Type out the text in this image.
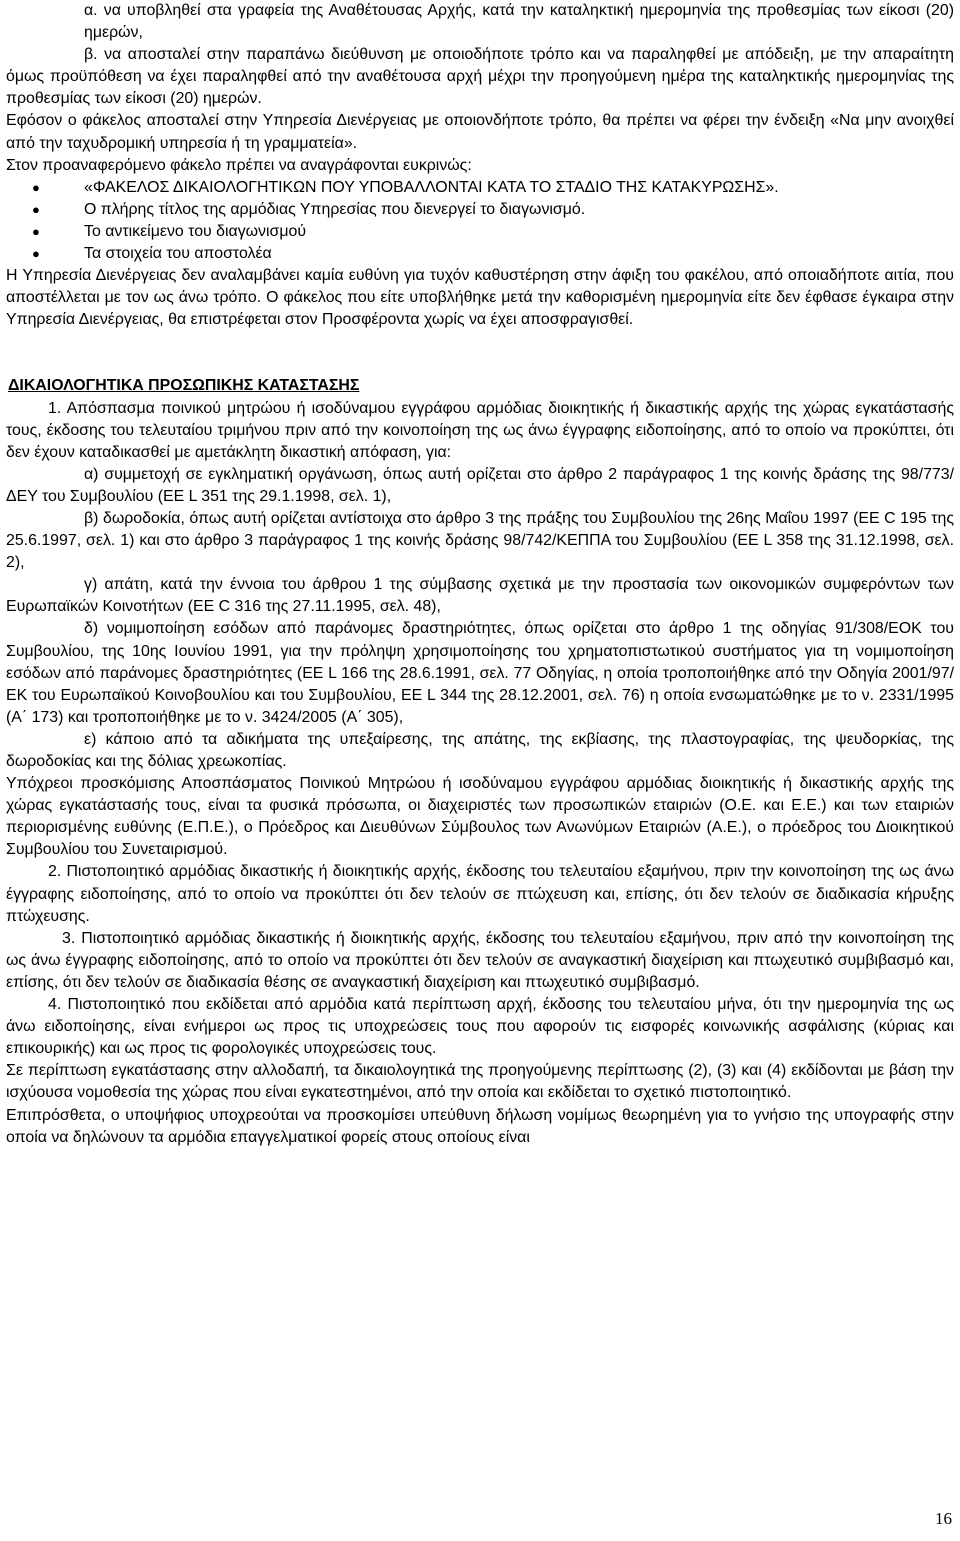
α. να υποβληθεί στα γραφεία της Αναθέτουσας Αρχής, κατά την καταληκτική ημερομηνία της προθεσμίας των είκοσι (20) ημερών,

β. να αποσταλεί στην παραπάνω διεύθυνση με οποιοδήποτε τρόπο και να παραληφθεί με απόδειξη, με την απαραίτητη όμως προϋπόθεση να έχει παραληφθεί από την αναθέτουσα αρχή μέχρι την προηγούμενη ημέρα της καταληκτικής ημερομηνίας της προθεσμίας των είκοσι (20) ημερών.

Εφόσον ο φάκελος αποσταλεί στην Υπηρεσία Διενέργειας με οποιονδήποτε τρόπο, θα πρέπει να φέρει την ένδειξη «Να μην ανοιχθεί από την ταχυδρομική υπηρεσία ή τη γραμματεία».

Στον προαναφερόμενο φάκελο πρέπει να αναγράφονται ευκρινώς:

●	«ΦΑΚΕΛΟΣ ΔΙΚΑΙΟΛΟΓΗΤΙΚΩΝ ΠΟΥ ΥΠΟΒΑΛΛΟΝΤΑΙ ΚΑΤΑ ΤΟ ΣΤΑΔΙΟ ΤΗΣ ΚΑΤΑΚΥΡΩΣΗΣ».
●	Ο πλήρης τίτλος της αρμόδιας Υπηρεσίας που διενεργεί το διαγωνισμό.
●	Το αντικείμενο του διαγωνισμού
●	Τα στοιχεία του αποστολέα

Η Υπηρεσία Διενέργειας δεν αναλαμβάνει καμία ευθύνη για τυχόν καθυστέρηση στην άφιξη του φακέλου, από οποιαδήποτε αιτία, που αποστέλλεται με τον ως άνω τρόπο. Ο φάκελος που είτε υποβλήθηκε μετά την καθορισμένη ημερομηνία είτε δεν έφθασε έγκαιρα στην Υπηρεσία Διενέργειας, θα επιστρέφεται στον Προσφέροντα χωρίς να έχει αποσφραγισθεί.

ΔΙΚΑΙΟΛΟΓΗΤΙΚΑ ΠΡΟΣΩΠΙΚΗΣ ΚΑΤΑΣΤΑΣΗΣ

1. Απόσπασμα ποινικού μητρώου ή ισοδύναμου εγγράφου αρμόδιας διοικητικής ή δικαστικής αρχής της χώρας εγκατάστασής τους, έκδοσης του τελευταίου τριμήνου πριν από την κοινοποίηση της ως άνω έγγραφης ειδοποίησης, από το οποίο να προκύπτει, ότι δεν έχουν καταδικασθεί με αμετάκλητη δικαστική απόφαση, για:

α) συμμετοχή σε εγκληματική οργάνωση, όπως αυτή ορίζεται στο άρθρο 2 παράγραφος 1 της κοινής δράσης της 98/773/ΔΕΥ του Συμβουλίου (ΕΕ L 351 της 29.1.1998, σελ. 1),

β) δωροδοκία, όπως αυτή ορίζεται αντίστοιχα στο άρθρο 3 της πράξης του Συμβουλίου της 26ης Μαΐου 1997 (ΕΕ C 195 της 25.6.1997, σελ. 1) και στο άρθρο 3 παράγραφος 1 της κοινής δράσης 98/742/ΚΕΠΠΑ του Συμβουλίου (ΕΕ L 358 της 31.12.1998, σελ. 2),

γ) απάτη, κατά την έννοια του άρθρου 1 της σύμβασης σχετικά με την προστασία των οικονομικών συμφερόντων των Ευρωπαϊκών Κοινοτήτων (ΕΕ C 316 της 27.11.1995, σελ. 48),

δ) νομιμοποίηση εσόδων από παράνομες δραστηριότητες, όπως ορίζεται στο άρθρο 1 της οδηγίας 91/308/ΕΟΚ του Συμβουλίου, της 10ης Ιουνίου 1991, για την πρόληψη χρησιμοποίησης του χρηματοπιστωτικού συστήματος για τη νομιμοποίηση εσόδων από παράνομες δραστηριότητες (ΕΕ L 166 της 28.6.1991, σελ. 77 Οδηγίας, η οποία τροποποιήθηκε από την Οδηγία 2001/97/ΕΚ του Ευρωπαϊκού Κοινοβουλίου και του Συμβουλίου, ΕΕ L 344 της 28.12.2001, σελ. 76) η οποία ενσωματώθηκε με το ν. 2331/1995 (Α΄ 173) και τροποποιήθηκε με το ν. 3424/2005 (Α΄ 305),

ε) κάποιο από τα αδικήματα της υπεξαίρεσης, της απάτης, της εκβίασης, της πλαστογραφίας, της ψευδορκίας, της δωροδοκίας και της δόλιας χρεωκοπίας.

Υπόχρεοι προσκόμισης Αποσπάσματος Ποινικού Μητρώου ή ισοδύναμου εγγράφου αρμόδιας διοικητικής ή δικαστικής αρχής της χώρας εγκατάστασής τους, είναι τα φυσικά πρόσωπα, οι διαχειριστές των προσωπικών εταιριών (Ο.Ε. και Ε.Ε.) και των εταιριών περιορισμένης ευθύνης (Ε.Π.Ε.), ο Πρόεδρος και Διευθύνων Σύμβουλος των Ανωνύμων Εταιριών (Α.Ε.), ο πρόεδρος του Διοικητικού Συμβουλίου του Συνεταιρισμού.

2. Πιστοποιητικό αρμόδιας δικαστικής ή διοικητικής αρχής, έκδοσης του τελευταίου εξαμήνου, πριν την κοινοποίηση της ως άνω έγγραφης ειδοποίησης, από το οποίο να προκύπτει ότι δεν τελούν σε πτώχευση και, επίσης, ότι δεν τελούν σε διαδικασία κήρυξης πτώχευσης.

3. Πιστοποιητικό αρμόδιας δικαστικής ή διοικητικής αρχής, έκδοσης του τελευταίου εξαμήνου, πριν από την κοινοποίηση της ως άνω έγγραφης ειδοποίησης, από το οποίο να προκύπτει ότι δεν τελούν σε αναγκαστική διαχείριση και πτωχευτικό συμβιβασμό και, επίσης, ότι δεν τελούν σε διαδικασία θέσης σε αναγκαστική διαχείριση και πτωχευτικό συμβιβασμό.

4. Πιστοποιητικό που εκδίδεται από αρμόδια κατά περίπτωση αρχή, έκδοσης του τελευταίου μήνα, ότι την ημερομηνία της ως άνω ειδοποίησης, είναι ενήμεροι ως προς τις υποχρεώσεις τους που αφορούν τις εισφορές κοινωνικής ασφάλισης (κύριας και επικουρικής) και ως προς τις φορολογικές υποχρεώσεις τους.

Σε περίπτωση εγκατάστασης στην αλλοδαπή, τα δικαιολογητικά της προηγούμενης περίπτωσης (2), (3) και (4) εκδίδονται με βάση την ισχύουσα νομοθεσία της χώρας που είναι εγκατεστημένοι, από την οποία και εκδίδεται το σχετικό πιστοποιητικό.

Επιπρόσθετα, ο υποψήφιος υποχρεούται να προσκομίσει υπεύθυνη δήλωση νομίμως θεωρημένη για το γνήσιο της υπογραφής στην οποία να δηλώνουν τα αρμόδια επαγγελματικοί φορείς στους οποίους είναι

16
